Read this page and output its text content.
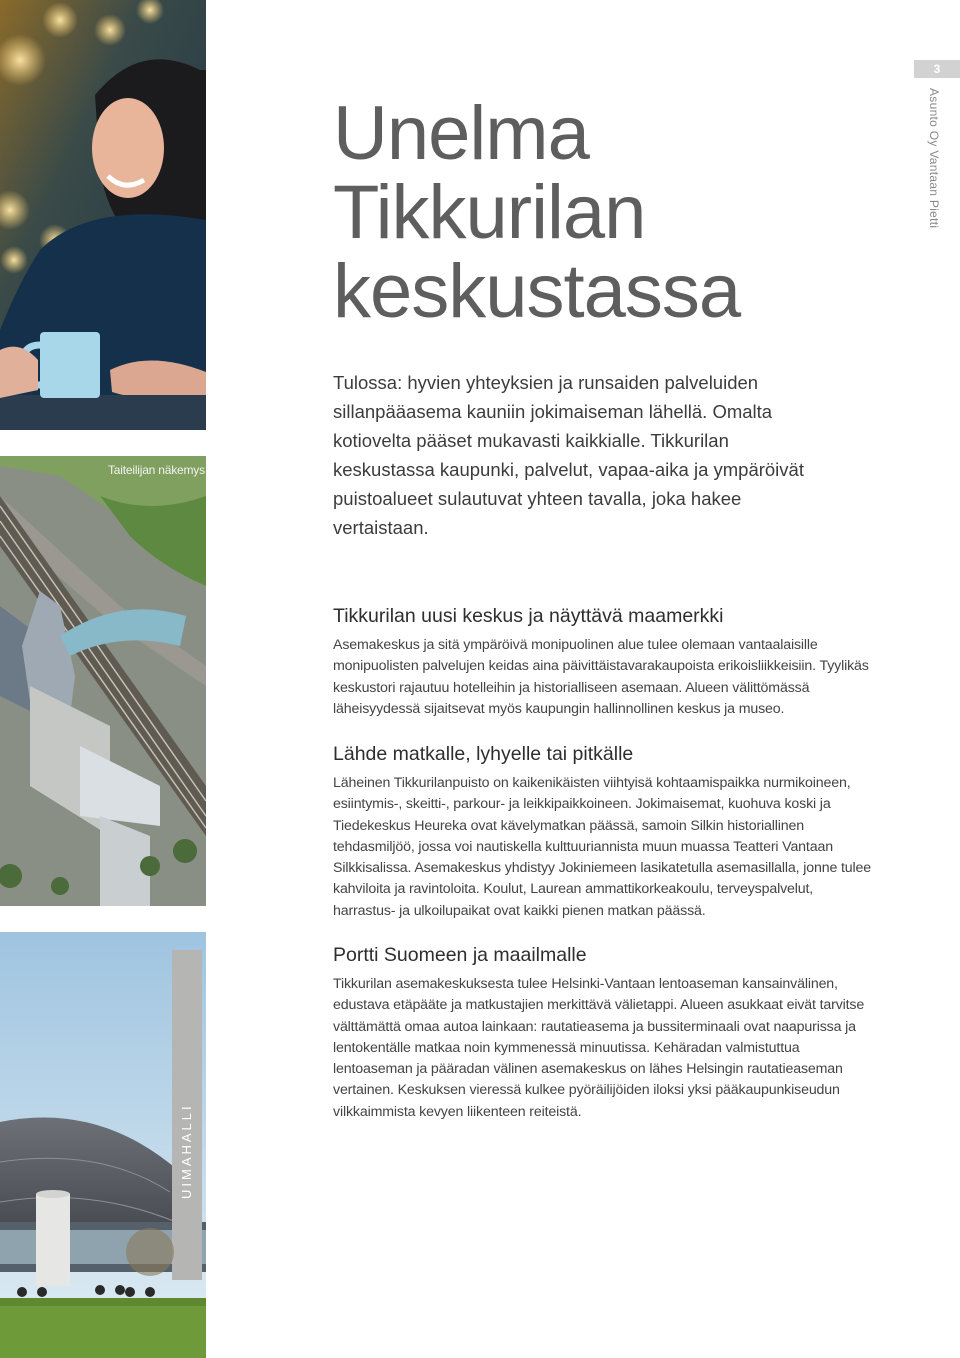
Taiteilijan näkemys
UIMAHALLI
3
Asunto Oy Vantaan Pietti
Unelma
Tikkurilan
keskustassa

Tulossa: hyvien yhteyksien ja runsaiden palveluiden sillanpääasema kauniin jokimaiseman lähellä. Omalta kotiovelta pääset mukavasti kaikkialle. Tikkurilan keskustassa kaupunki, palvelut, vapaa-aika ja ympäröivät puistoalueet sulautuvat yhteen tavalla, joka hakee vertaistaan.

Tikkurilan uusi keskus ja näyttävä maamerkki

Asemakeskus ja sitä ympäröivä monipuolinen alue tulee olemaan vantaalaisille monipuolisten palvelujen keidas aina päivittäistavarakaupoista erikoisliikkeisiin. Tyylikäs keskustori rajautuu hotelleihin ja historialliseen asemaan. Alueen välittömässä läheisyydessä sijaitsevat myös kaupungin hallinnollinen keskus ja museo.

Lähde matkalle, lyhyelle tai pitkälle

Läheinen Tikkurilanpuisto on kaikenikäisten viihtyisä kohtaamispaikka nurmikoineen, esiintymis-, skeitti-, parkour- ja leikkipaikkoineen. Jokimaisemat, kuohuva koski ja Tiedekeskus Heureka ovat kävelymatkan päässä, samoin Silkin historiallinen tehdasmiljöö, jossa voi nautiskella kulttuuriannista muun muassa Teatteri Vantaan Silkkisalissa. Asemakeskus yhdistyy Jokiniemeen lasikatetulla asemasillalla, jonne tulee kahviloita ja ravintoloita. Koulut, Laurean ammattikorkeakoulu, terveyspalvelut, harrastus- ja ulkoilupaikat ovat kaikki pienen matkan päässä.

Portti Suomeen ja maailmalle

Tikkurilan asemakeskuksesta tulee Helsinki-Vantaan lentoaseman kansainvälinen, edustava etäpääte ja matkustajien merkittävä välietappi. Alueen asukkaat eivät tarvitse välttämättä omaa autoa lainkaan: rautatieasema ja bussiterminaali ovat naapurissa ja lentokentälle matkaa noin kymmenessä minuutissa. Kehäradan valmistuttua lentoaseman ja pääradan välinen asemakeskus on lähes Helsingin rautatieaseman vertainen. Keskuksen vieressä kulkee pyöräilijöiden iloksi yksi pääkaupunkiseudun vilkkaimmista kevyen liikenteen reiteistä.
